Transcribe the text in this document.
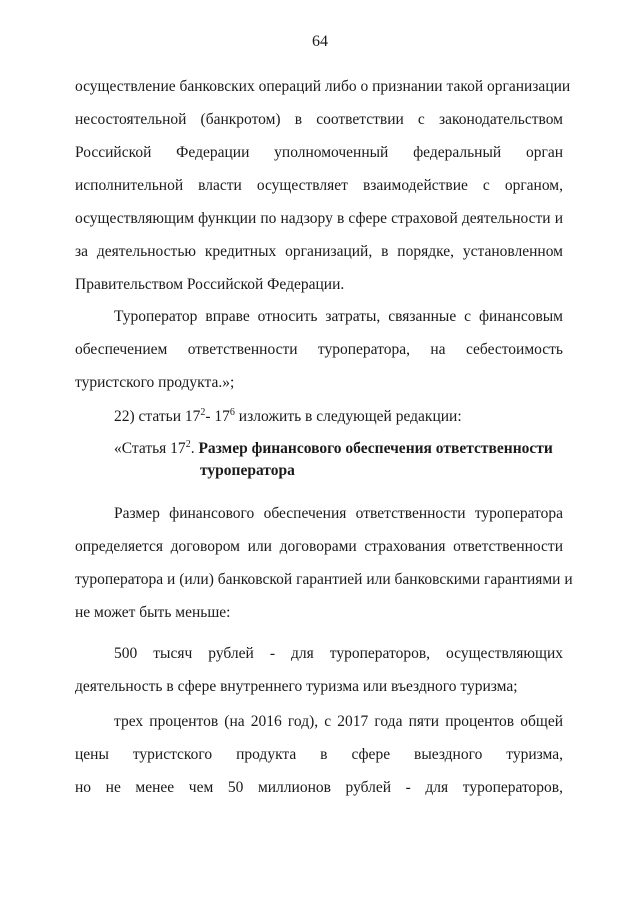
64
осуществление банковских операций либо о признании такой организации
несостоятельной (банкротом) в соответствии с законодательством
Российской Федерации уполномоченный федеральный орган
исполнительной власти осуществляет взаимодействие с органом,
осуществляющим функции по надзору в сфере страховой деятельности и
за деятельностью кредитных организаций, в порядке, установленном
Правительством Российской Федерации.
Туроператор вправе относить затраты, связанные с финансовым
обеспечением ответственности туроператора, на себестоимость
туристского продукта.»;
22) статьи $17^2-$ $17^6$ изложить в следующей редакции:
«Статья $17^2$. Размер финансового обеспечения ответственности
туроператора
Размер финансового обеспечения ответственности туроператора
определяется договором или договорами страхования ответственности
туроператора и (или) банковской гарантией или банковскими гарантиями и
не может быть меньше:
500 тысяч рублей - для туроператоров, осуществляющих
деятельность в сфере внутреннего туризма или въездного туризма;
трех процентов (на 2016 год), с 2017 года пяти процентов общей
цены туристского продукта в сфере выездного туризма,
но не менее чем 50 миллионов рублей - для туроператоров,
